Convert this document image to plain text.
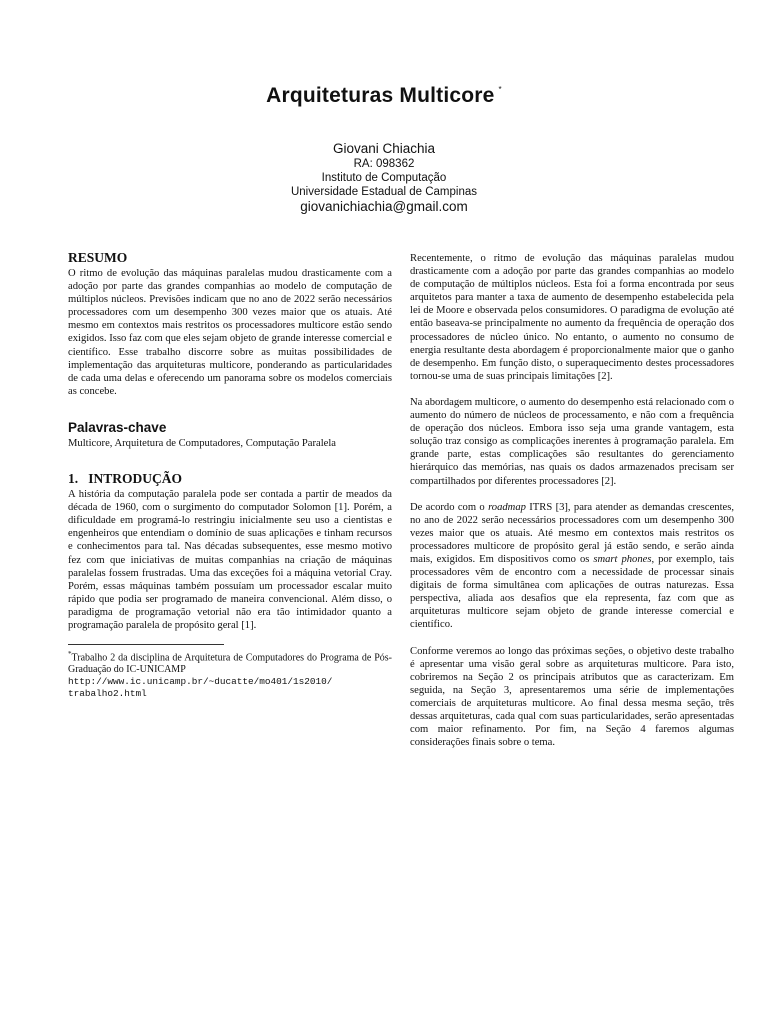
Arquiteturas Multicore *
Giovani Chiachia
RA: 098362
Instituto de Computação
Universidade Estadual de Campinas
giovanichiachia@gmail.com
RESUMO

O ritmo de evolução das máquinas paralelas mudou drasticamente com a adoção por parte das grandes companhias ao modelo de computação de múltiplos núcleos. Previsões indicam que no ano de 2022 serão necessários processadores com um desempenho 300 vezes maior que os atuais. Até mesmo em contextos mais restritos os processadores multicore estão sendo exigidos. Isso faz com que eles sejam objeto de grande interesse comercial e científico. Esse trabalho discorre sobre as muitas possibilidades de implementação das arquiteturas multicore, ponderando as particularidades de cada uma delas e oferecendo um panorama sobre os modelos comerciais as concebe.

Palavras-chave

Multicore, Arquitetura de Computadores, Computação Paralela

1.   INTRODUÇÃO

A história da computação paralela pode ser contada a partir de meados da década de 1960, com o surgimento do computador Solomon [1]. Porém, a dificuldade em programá-lo restringiu inicialmente seu uso a cientistas e engenheiros que entendiam o domínio de suas aplicações e tinham recursos e conhecimentos para tal. Nas décadas subsequentes, esse mesmo motivo fez com que iniciativas de muitas companhias na criação de máquinas paralelas fossem frustradas. Uma das exceções foi a máquina vetorial Cray. Porém, essas máquinas também possuíam um processador escalar muito rápido que podia ser programado de maneira convencional. Além disso, o paradigma de programação vetorial não era tão intimidador quanto a programação paralela de propósito geral [1].

*Trabalho 2 da disciplina de Arquitetura de Computadores do Programa de Pós-Graduação do IC-UNICAMP
http://www.ic.unicamp.br/~ducatte/mo401/1s2010/
trabalho2.html

Recentemente, o ritmo de evolução das máquinas paralelas mudou drasticamente com a adoção por parte das grandes companhias ao modelo de computação de múltiplos núcleos. Esta foi a forma encontrada por seus arquitetos para manter a taxa de aumento de desempenho estabelecida pela lei de Moore e observada pelos consumidores. O paradigma de evolução até então baseava-se principalmente no aumento da frequência de operação dos processadores de núcleo único. No entanto, o aumento no consumo de energia resultante desta abordagem é proporcionalmente maior que o ganho de desempenho. Em função disto, o superaquecimento destes processadores tornou-se uma de suas principais limitações [2].

Na abordagem multicore, o aumento do desempenho está relacionado com o aumento do número de núcleos de processamento, e não com a frequência de operação dos núcleos. Embora isso seja uma grande vantagem, esta solução traz consigo as complicações inerentes à programação paralela. Em grande parte, estas complicações são resultantes do gerenciamento hierárquico das memórias, nas quais os dados armazenados precisam ser compartilhados por diferentes processadores [2].

De acordo com o roadmap ITRS [3], para atender as demandas crescentes, no ano de 2022 serão necessários processadores com um desempenho 300 vezes maior que os atuais. Até mesmo em contextos mais restritos os processadores multicore de propósito geral já estão sendo, e serão ainda mais, exigidos. Em dispositivos como os smart phones, por exemplo, tais processadores vêm de encontro com a necessidade de processar sinais digitais de forma simultânea com aplicações de outras naturezas. Essa perspectiva, aliada aos desafios que ela representa, faz com que as arquiteturas multicore sejam objeto de grande interesse comercial e científico.

Conforme veremos ao longo das próximas seções, o objetivo deste trabalho é apresentar uma visão geral sobre as arquiteturas multicore. Para isto, cobriremos na Seção 2 os principais atributos que as caracterizam. Em seguida, na Seção 3, apresentaremos uma série de implementações comerciais de arquiteturas multicore. Ao final dessa mesma seção, três dessas arquiteturas, cada qual com suas particularidades, serão apresentadas com maior refinamento. Por fim, na Seção 4 faremos algumas considerações finais sobre o tema.
